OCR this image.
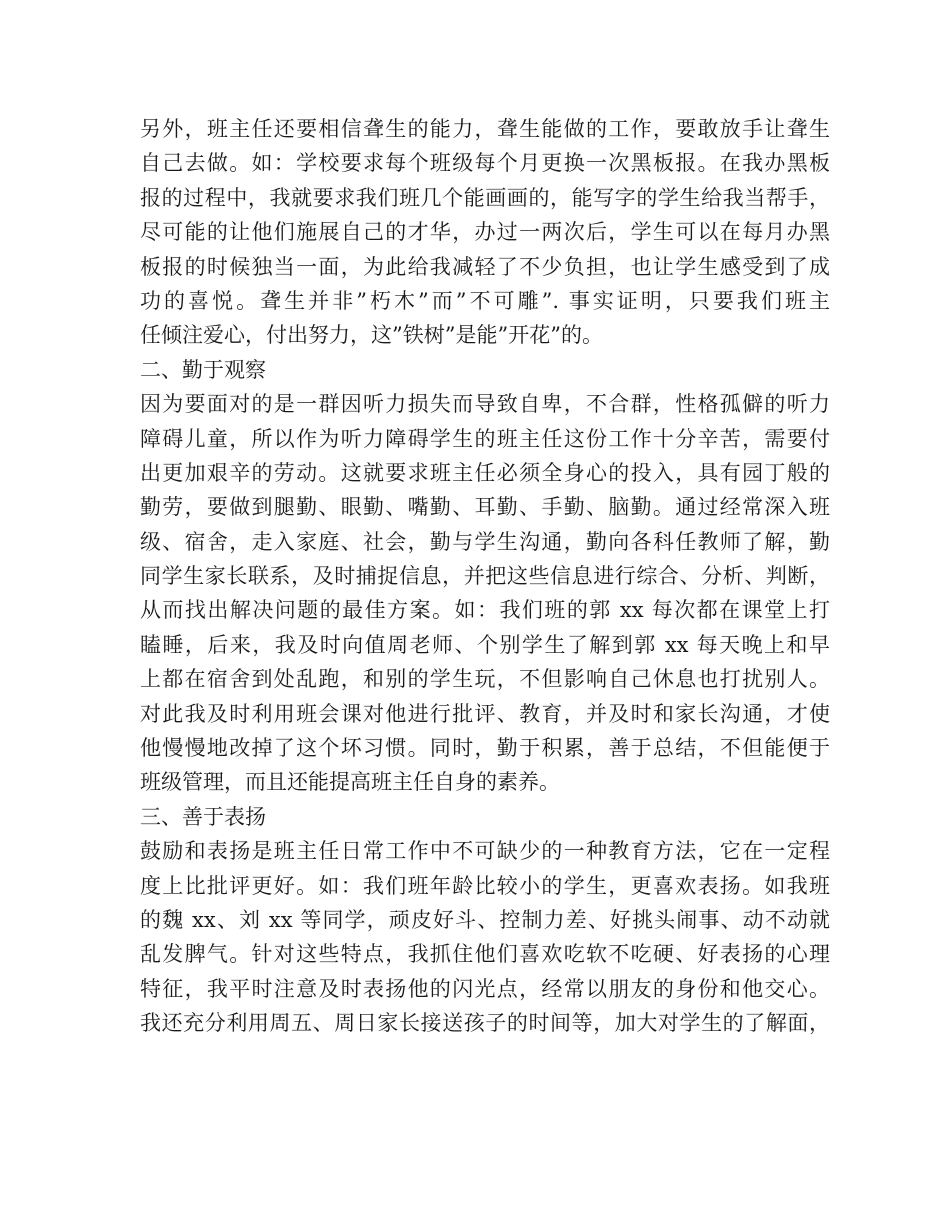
另外，班主任还要相信聋生的能力，聋生能做的工作，要敢放手让聋生
自己去做。如：学校要求每个班级每个月更换一次黑板报。在我办黑板
报的过程中，我就要求我们班几个能画画的，能写字的学生给我当帮手，
尽可能的让他们施展自己的才华，办过一两次后，学生可以在每月办黑
板报的时候独当一面，为此给我减轻了不少负担，也让学生感受到了成
功的喜悦。聋生并非”朽木”而”不可雕”. 事实证明，只要我们班主
任倾注爱心，付出努力，这”铁树”是能”开花”的。
二、勤于观察
因为要面对的是一群因听力损失而导致自卑，不合群，性格孤僻的听力
障碍儿童，所以作为听力障碍学生的班主任这份工作十分辛苦，需要付
出更加艰辛的劳动。这就要求班主任必须全身心的投入，具有园丁般的
勤劳，要做到腿勤、眼勤、嘴勤、耳勤、手勤、脑勤。通过经常深入班
级、宿舍，走入家庭、社会，勤与学生沟通，勤向各科任教师了解，勤
同学生家长联系，及时捕捉信息，并把这些信息进行综合、分析、判断，
从而找出解决问题的最佳方案。如：我们班的郭 xx 每次都在课堂上打
瞌睡，后来，我及时向值周老师、个别学生了解到郭 xx 每天晚上和早
上都在宿舍到处乱跑，和别的学生玩，不但影响自己休息也打扰别人。
对此我及时利用班会课对他进行批评、教育，并及时和家长沟通，才使
他慢慢地改掉了这个坏习惯。同时，勤于积累，善于总结，不但能便于
班级管理，而且还能提高班主任自身的素养。
三、善于表扬
鼓励和表扬是班主任日常工作中不可缺少的一种教育方法，它在一定程
度上比批评更好。如：我们班年龄比较小的学生，更喜欢表扬。如我班
的魏 xx、刘 xx 等同学，顽皮好斗、控制力差、好挑头闹事、动不动就
乱发脾气。针对这些特点，我抓住他们喜欢吃软不吃硬、好表扬的心理
特征，我平时注意及时表扬他的闪光点，经常以朋友的身份和他交心。
我还充分利用周五、周日家长接送孩子的时间等，加大对学生的了解面，
